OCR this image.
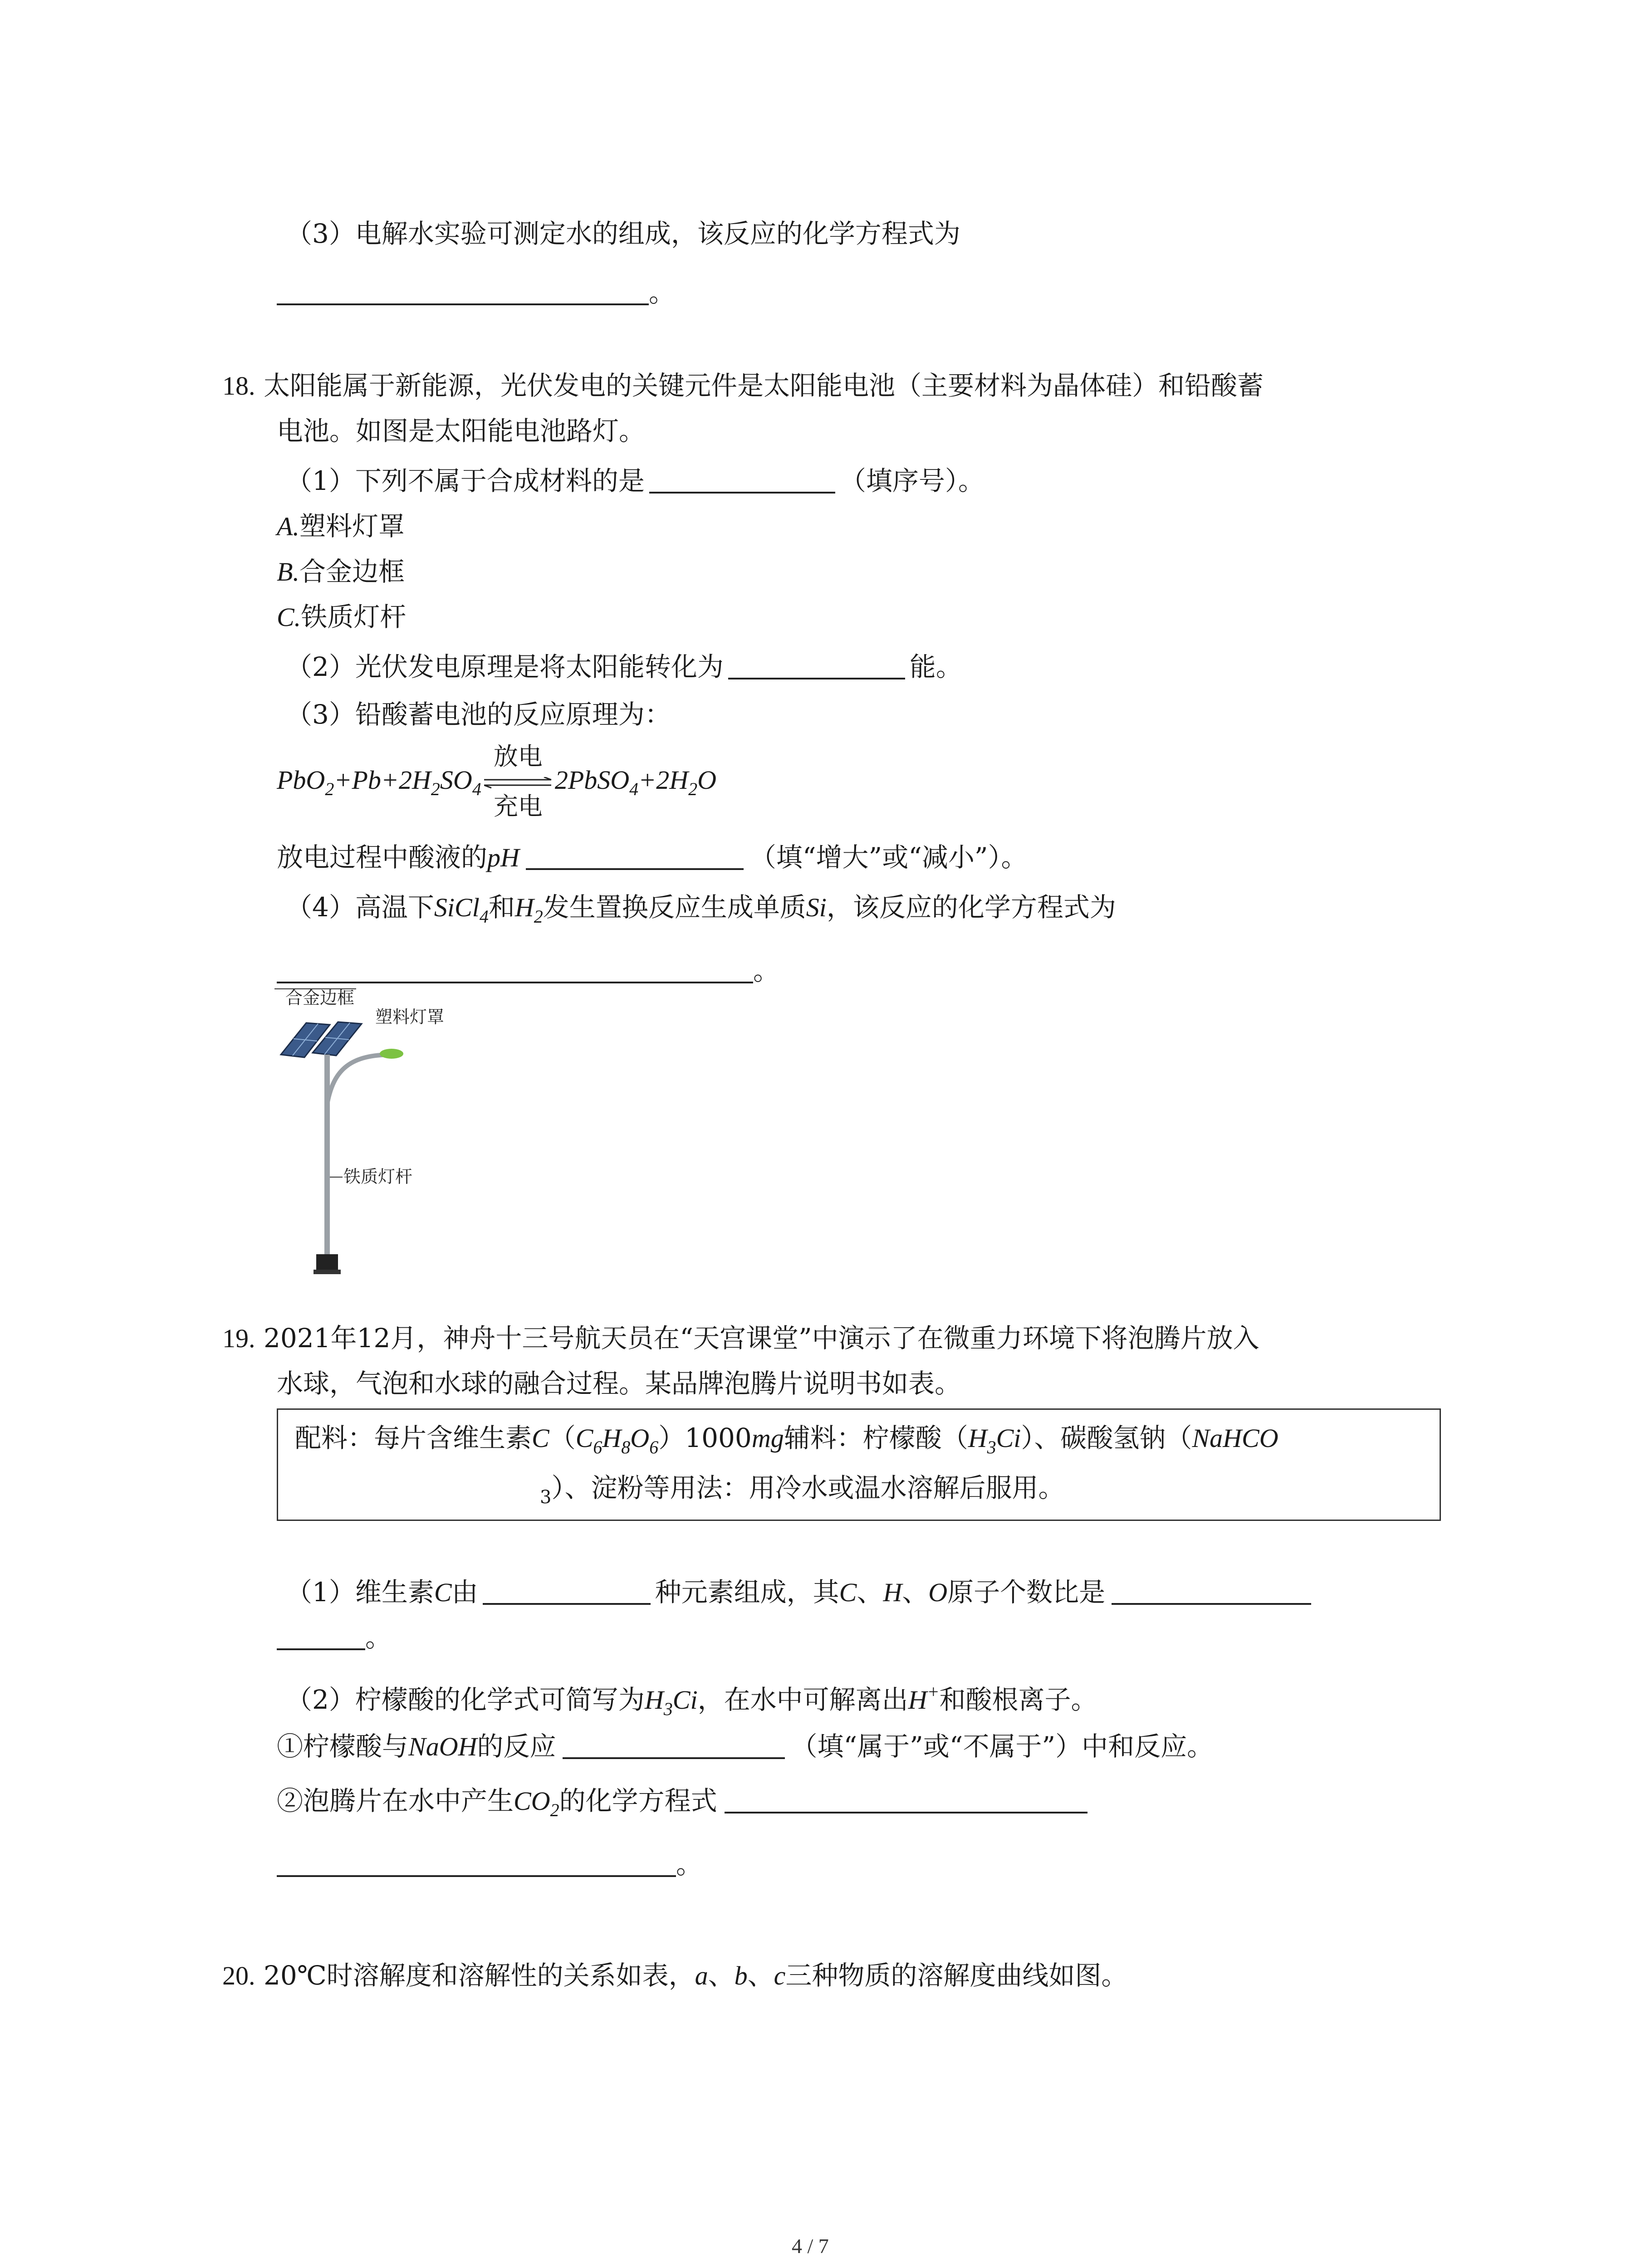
（3）电解水实验可测定水的组成，该反应的化学方程式为
。
18. 太阳能属于新能源，光伏发电的关键元件是太阳能电池（主要材料为晶体硅）和铅酸蓄
电池。如图是太阳能电池路灯。
（1）下列不属于合成材料的是	（填序号）。
A.塑料灯罩
B.合金边框
C.铁质灯杆
（2）光伏发电原理是将太阳能转化为	能。
（3）铅酸蓄电池的反应原理为：
$PbO_2+Pb+2H_2SO_4$
放电
充电
$2PbSO_4+2H_2O$
放电过程中酸液的pH	（填“增大”或“减小”）。
（4）高温下SiCl$_4$和$H_2$发生置换反应生成单质Si，该反应的化学方程式为
。
合金边框
塑料灯罩
铁质灯杆
19. 2021年12月，神舟十三号航天员在“天宫课堂”中演示了在微重力环境下将泡腾片放入
水球，气泡和水球的融合过程。某品牌泡腾片说明书如表。
配料：每片含维生素$C(C_6H_8O_6)1000mg$辅料：柠檬酸$(H_3Ci)$、碳酸氢钠（NaHCO
$_3$）、淀粉等用法：用冷水或温水溶解后服用。
（1）维生素C由	种元素组成，其C、H、O原子个数比是
。
（2）柠檬酸的化学式可简写为$H_3Ci$，在水中可解离出H+和酸根离子。
①柠檬酸与NaOH的反应	（填“属于”或“不属于”）中和反应。
②泡腾片在水中产生$CO_2$的化学方程式
。
20. 20℃时溶解度和溶解性的关系如表，a、b、c三种物质的溶解度曲线如图。
4 / 7
